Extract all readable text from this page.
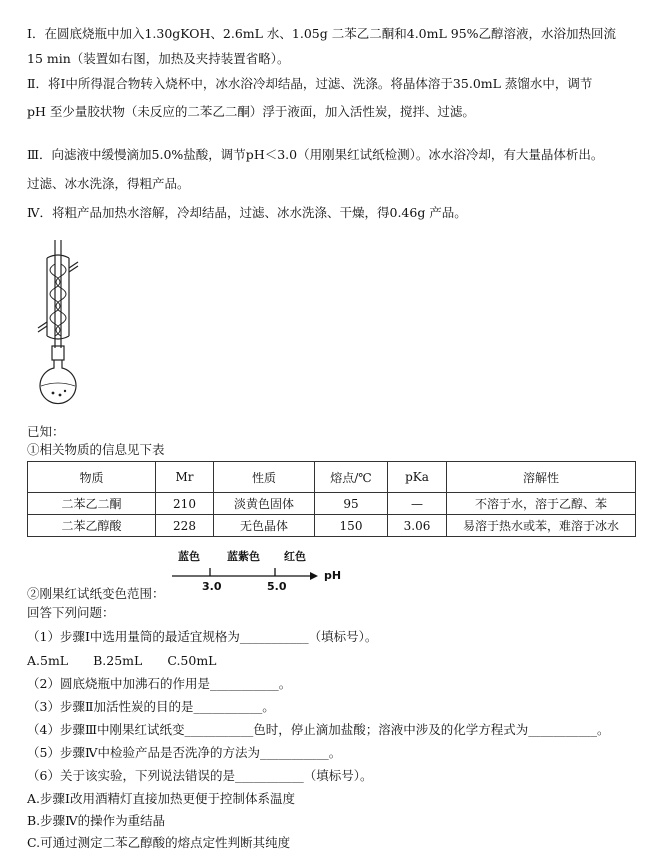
Ⅰ．在圆底烧瓶中加入1.30gKOH、2.6mL 水、1.05g 二苯乙二酮和4.0mL 95%乙醇溶液，水浴加热回流
15 min（装置如右图，加热及夹持装置省略）。
Ⅱ．将Ⅰ中所得混合物转入烧杯中，冰水浴冷却结晶，过滤、洗涤。将晶体溶于35.0mL 蒸馏水中，调节
pH 至少量胶状物（未反应的二苯乙二酮）浮于液面，加入活性炭，搅拌、过滤。
Ⅲ．向滤液中缓慢滴加5.0%盐酸，调节pH＜3.0（用刚果红试纸检测）。冰水浴冷却，有大量晶体析出。
过滤、冰水洗涤，得粗产品。
Ⅳ．将粗产品加热水溶解，冷却结晶，过滤、冰水洗涤、干燥，得0.46g 产品。
已知：
①相关物质的信息见下表
物质	Mr	性质	熔点/℃	pKa	溶解性
二苯乙二酮	210	淡黄色固体	95	—	不溶于水，溶于乙醇、苯
二苯乙醇酸	228	无色晶体	150	3.06	易溶于热水或苯，难溶于冰水
蓝色 蓝紫色 红色
pH
3.0	5.0
②刚果红试纸变色范围：
回答下列问题：
（1）步骤Ⅰ中选用量筒的最适宜规格为___________（填标号）。
A.5mL　　B.25mL　　C.50mL
（2）圆底烧瓶中加沸石的作用是___________。
（3）步骤Ⅱ加活性炭的目的是___________。
（4）步骤Ⅲ中刚果红试纸变___________色时，停止滴加盐酸；溶液中涉及的化学方程式为___________。
（5）步骤Ⅳ中检验产品是否洗净的方法为___________。
（6）关于该实验，下列说法错误的是___________（填标号）。
A.步骤Ⅰ改用酒精灯直接加热更便于控制体系温度
B.步骤Ⅳ的操作为重结晶
C.可通过测定二苯乙醇酸的熔点定性判断其纯度
